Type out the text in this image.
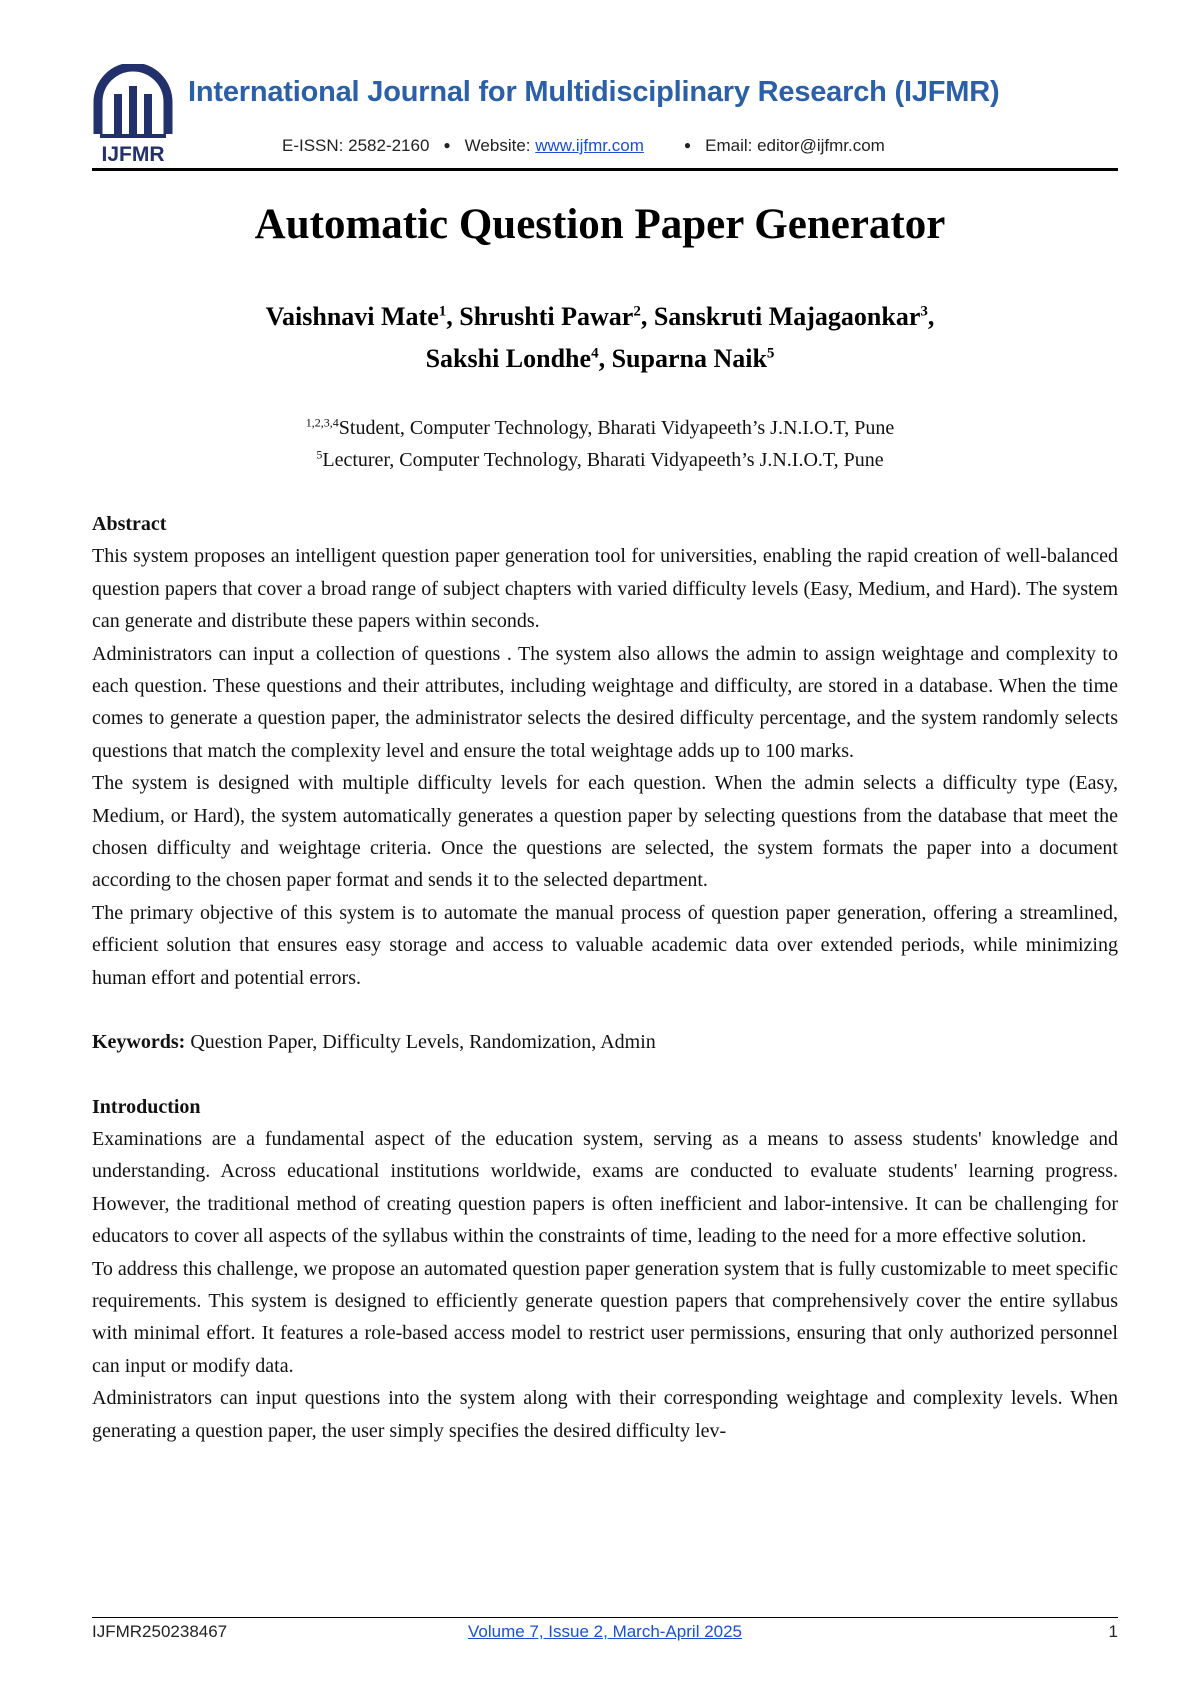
IJFMR
International Journal for Multidisciplinary Research (IJFMR)
E-ISSN: 2582-2160 ● Website: www.ijfmr.com	● Email: editor@ijfmr.com
Automatic Question Paper Generator
Vaishnavi Mate$^1$, Shrushti Pawar$^2$, Sanskruti Majagaonkar$^3$,
Sakshi Londhe$^4$, Suparna Naik$^5$
$^{1,2,3,4}$Student, Computer Technology, Bharati Vidyapeeth’s J.N.I.O.T, Pune
$^5$Lecturer, Computer Technology, Bharati Vidyapeeth’s J.N.I.O.T, Pune

Abstract

This system proposes an intelligent question paper generation tool for universities, enabling the rapid creation of well-balanced question papers that cover a broad range of subject chapters with varied difficulty levels (Easy, Medium, and Hard). The system can generate and distribute these papers within seconds.

Administrators can input a collection of questions . The system also allows the admin to assign weightage and complexity to each question. These questions and their attributes, including weightage and difficulty, are stored in a database. When the time comes to generate a question paper, the administrator selects the desired difficulty percentage, and the system randomly selects questions that match the complexity level and ensure the total weightage adds up to 100 marks.

The system is designed with multiple difficulty levels for each question. When the admin selects a difficulty type (Easy, Medium, or Hard), the system automatically generates a question paper by selecting questions from the database that meet the chosen difficulty and weightage criteria. Once the questions are selected, the system formats the paper into a document according to the chosen paper format and sends it to the selected department.

The primary objective of this system is to automate the manual process of question paper generation, offering a streamlined, efficient solution that ensures easy storage and access to valuable academic data over extended periods, while minimizing human effort and potential errors.

Keywords: Question Paper, Difficulty Levels, Randomization, Admin

Introduction

Examinations are a fundamental aspect of the education system, serving as a means to assess students' knowledge and understanding. Across educational institutions worldwide, exams are conducted to evaluate students' learning progress. However, the traditional method of creating question papers is often inefficient and labor-intensive. It can be challenging for educators to cover all aspects of the syllabus within the constraints of time, leading to the need for a more effective solution.

To address this challenge, we propose an automated question paper generation system that is fully customizable to meet specific requirements. This system is designed to efficiently generate question papers that comprehensively cover the entire syllabus with minimal effort. It features a role-based access model to restrict user permissions, ensuring that only authorized personnel can input or modify data.

Administrators can input questions into the system along with their corresponding weightage and complexity levels. When generating a question paper, the user simply specifies the desired difficulty lev-

IJFMR250238467	Volume 7, Issue 2, March-April 2025	1
